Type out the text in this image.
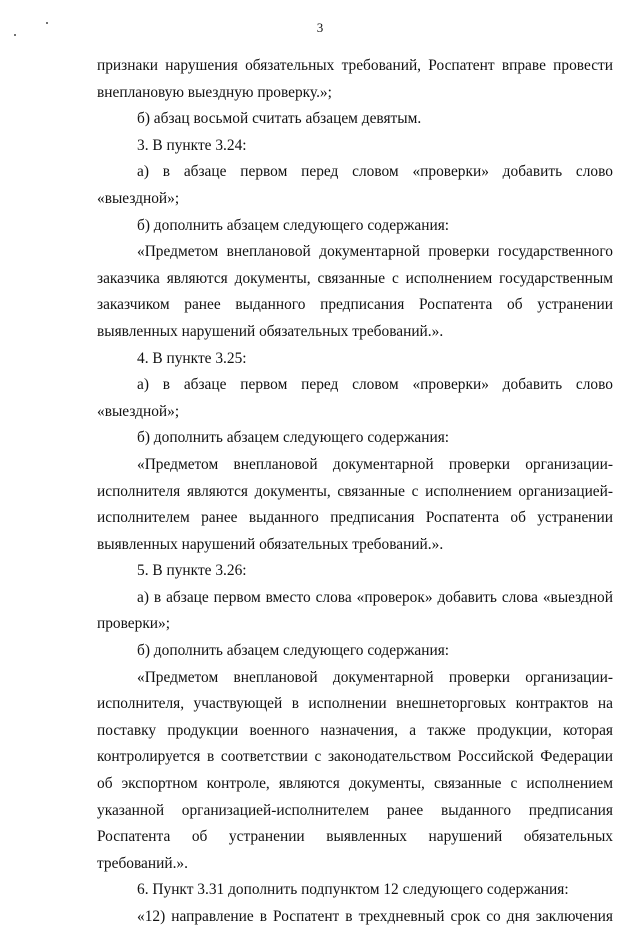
3

признаки нарушения обязательных требований, Роспатент вправе провести внеплановую выездную проверку.»;

б) абзац восьмой считать абзацем девятым.

3. В пункте 3.24:

а) в абзаце первом перед словом «проверки» добавить слово «выездной»;

б) дополнить абзацем следующего содержания:

«Предметом внеплановой документарной проверки государственного заказчика являются документы, связанные с исполнением государственным заказчиком ранее выданного предписания Роспатента об устранении выявленных нарушений обязательных требований.».

4. В пункте 3.25:

а) в абзаце первом перед словом «проверки» добавить слово «выездной»;

б) дополнить абзацем следующего содержания:

«Предметом внеплановой документарной проверки организации-исполнителя являются документы, связанные с исполнением организацией-исполнителем ранее выданного предписания Роспатента об устранении выявленных нарушений обязательных требований.».

5. В пункте 3.26:

а) в абзаце первом вместо слова «проверок» добавить слова «выездной проверки»;

б) дополнить абзацем следующего содержания:

«Предметом внеплановой документарной проверки организации-исполнителя, участвующей в исполнении внешнеторговых контрактов на поставку продукции военного назначения, а также продукции, которая контролируется в соответствии с законодательством Российской Федерации об экспортном контроле, являются документы, связанные с исполнением указанной организацией-исполнителем ранее выданного предписания Роспатента об устранении выявленных нарушений обязательных требований.».

6. Пункт 3.31 дополнить подпунктом 12 следующего содержания:

«12) направление в Роспатент в трехдневный срок со дня заключения
